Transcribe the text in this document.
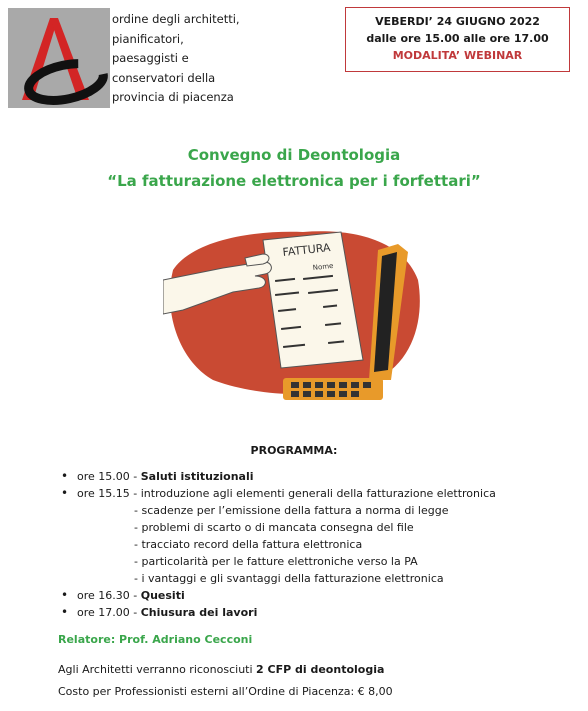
ordine degli architetti,
pianificatori,
paesaggisti e
conservatori della
provincia di piacenza
VEBERDI’ 24 GIUGNO 2022
dalle ore 15.00 alle ore 17.00
MODALITA’ WEBINAR
Convegno di Deontologia
“La fatturazione elettronica per i forfettari”
FATTURA
Nome
PROGRAMMA:
• ore 15.00 - Saluti istituzionali
• ore 15.15 - introduzione agli elementi generali della fatturazione elettronica
- scadenze per l’emissione della fattura a norma di legge
- problemi di scarto o di mancata consegna del file
- tracciato record della fattura elettronica
- particolarità per le fatture elettroniche verso la PA
- i vantaggi e gli svantaggi della fatturazione elettronica
• ore 16.30 - Quesiti
• ore 17.00 - Chiusura dei lavori
Relatore: Prof. Adriano Cecconi
Agli Architetti verranno riconosciuti 2 CFP di deontologia
Costo per Professionisti esterni all’Ordine di Piacenza: € 8,00
